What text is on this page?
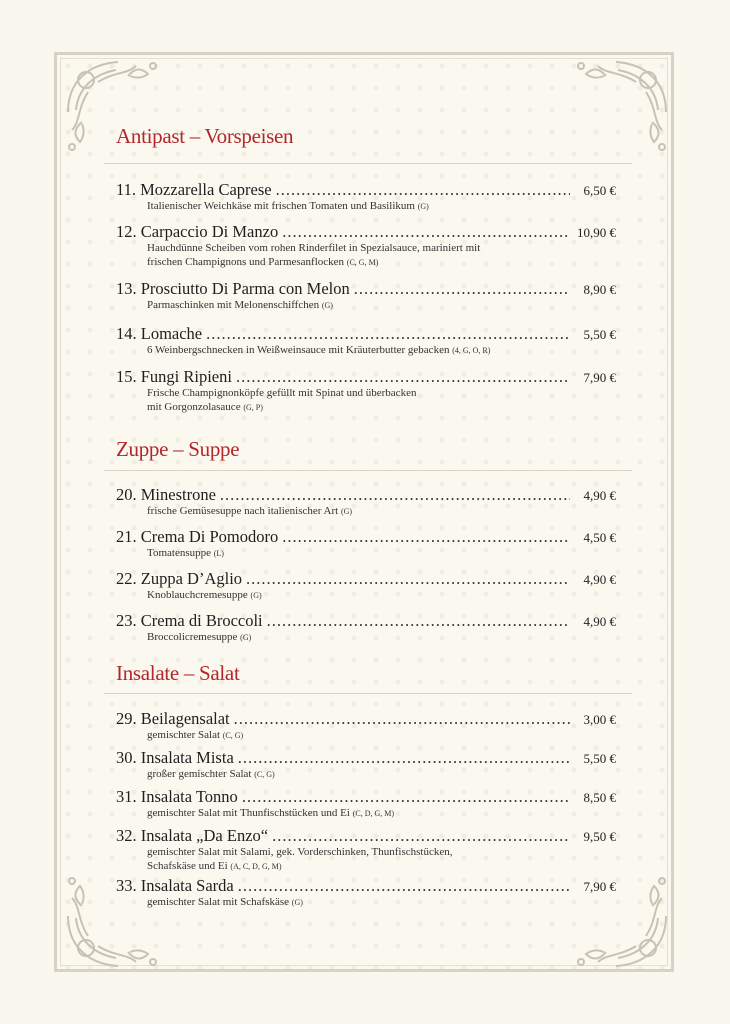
Antipast – Vorspeisen
11. Mozzarella Caprese .....	6,50 €
Italienischer Weichkäse mit frischen Tomaten und Basilikum (G)
12. Carpaccio Di Manzo .....	10,90 €
Hauchdünne Scheiben vom rohen Rinderfilet in Spezialsauce, mariniert mit
frischen Champignons und Parmesanflocken (C, G, M)
13. Prosciutto Di Parma con Melon .....	8,90 €
Parmaschinken mit Melonenschiffchen (G)
14. Lomache .....	5,50 €
6 Weinbergschnecken in Weißweinsauce mit Kräuterbutter gebacken (4, G, O, R)
15. Fungi Ripieni .....	7,90 €
Frische Champignonköpfe gefüllt mit Spinat und überbacken
mit Gorgonzolasauce (G, P)
Zuppe – Suppe
20. Minestrone .....	4,90 €
frische Gemüsesuppe nach italienischer Art (G)
21. Crema Di Pomodoro .....	4,50 €
Tomatensuppe (L)
22. Zuppa D’Aglio .....	4,90 €
Knoblauchcremesuppe (G)
23. Crema di Broccoli .....	4,90 €
Broccolicremesuppe (G)
Insalate – Salat
29. Beilagensalat .....	3,00 €
gemischter Salat (C, G)
30. Insalata Mista .....	5,50 €
großer gemischter Salat (C, G)
31. Insalata Tonno .....	8,50 €
gemischter Salat mit Thunfischstücken und Ei (C, D, G, M)
32. Insalata „Da Enzo“ .....	9,50 €
gemischter Salat mit Salami, gek. Vorderschinken, Thunfischstücken,
Schafskäse und Ei (A, C, D, G, M)
33. Insalata Sarda .....	7,90 €
gemischter Salat mit Schafskäse (G)
